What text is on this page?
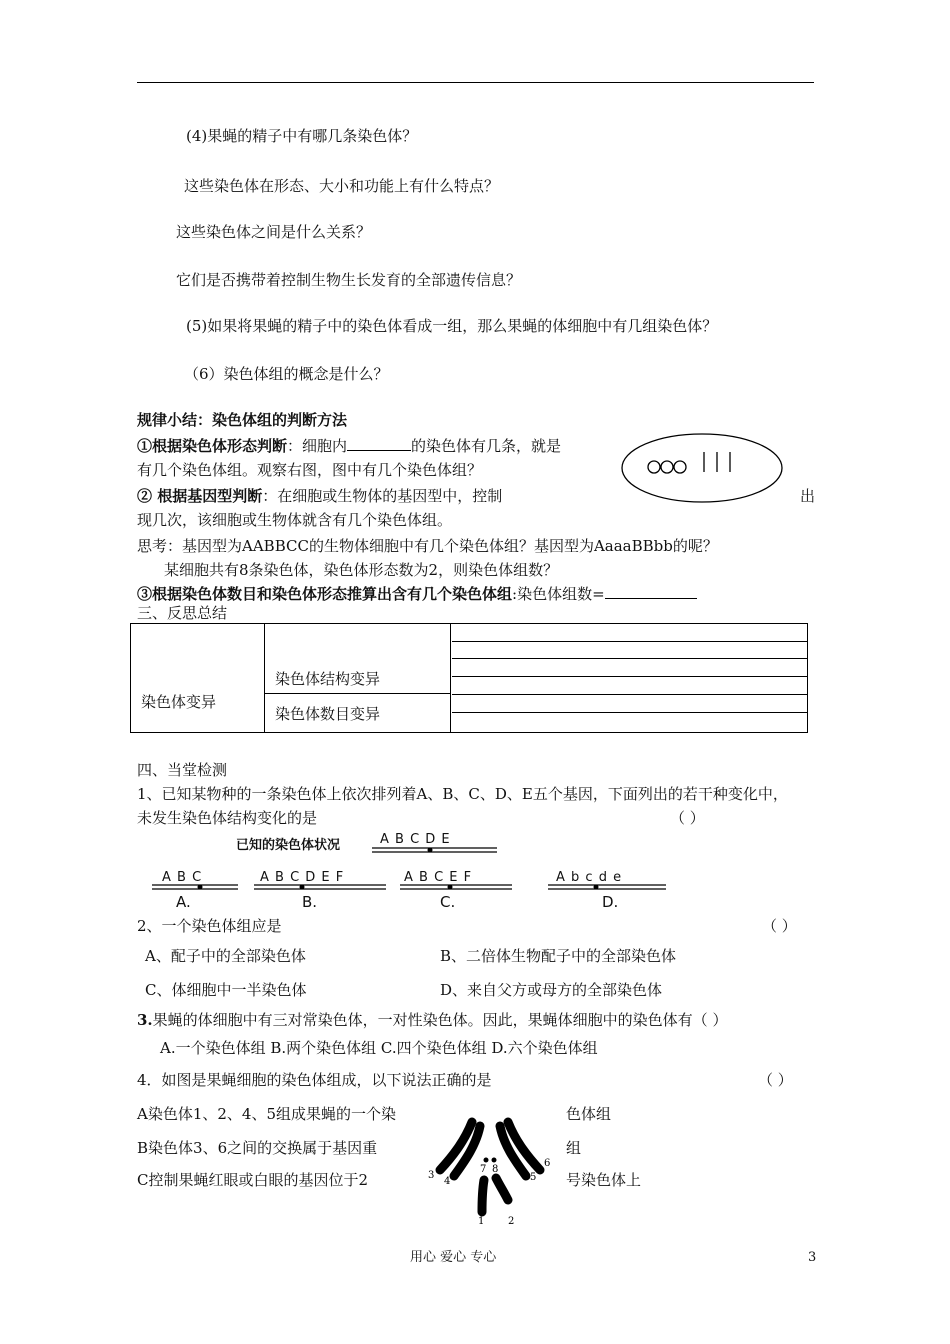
(4)果蝇的精子中有哪几条染色体？
这些染色体在形态、大小和功能上有什么特点？
这些染色体之间是什么关系？
它们是否携带着控制生物生长发育的全部遗传信息？
(5)如果将果蝇的精子中的染色体看成一组，那么果蝇的体细胞中有几组染色体？
（6）染色体组的概念是什么？
规律小结：染色体组的判断方法
①根据染色体形态判断：细胞内	的染色体有几条，就是
有几个染色体组。观察右图，图中有几个染色体组？
② 根据基因型判断：在细胞或生物体的基因型中，控制	出
现几次，该细胞或生物体就含有几个染色体组。
思考：基因型为AABBCC的生物体细胞中有几个染色体组？基因型为AaaaBBbb的呢？
某细胞共有8条染色体，染色体形态数为2，则染色体组数？
③根据染色体数目和染色体形态推算出含有几个染色体组:染色体组数=
三、反思总结
染色体变异	染色体结构变异	
染色体数目变异
四、当堂检测
1、已知某物种的一条染色体上依次排列着A、B、C、D、E五个基因，下面列出的若干种变化中，
未发生染色体结构变化的是	（ ）
已知的染色体状况	A B C D E
A B C	A B C D E F	A B C E F	A b c d e
A.	B.	C.	D.
2、一个染色体组应是	（ ）
A、配子中的全部染色体	B、二倍体生物配子中的全部染色体
C、体细胞中一半染色体	D、来自父方或母方的全部染色体
3.果蝇的体细胞中有三对常染色体，一对性染色体。因此，果蝇体细胞中的染色体有（ ）
A.一个染色体组 B.两个染色体组 C.四个染色体组 D.六个染色体组
4．如图是果蝇细胞的染色体组成，以下说法正确的是	（ ）
A染色体1、2、4、5组成果蝇的一个染	色体组
B染色体3、6之间的交换属于基因重	组
C控制果蝇红眼或白眼的基因位于2	号染色体上
1 2
3
4	5
6
7 8
用心 爱心 专心	3
